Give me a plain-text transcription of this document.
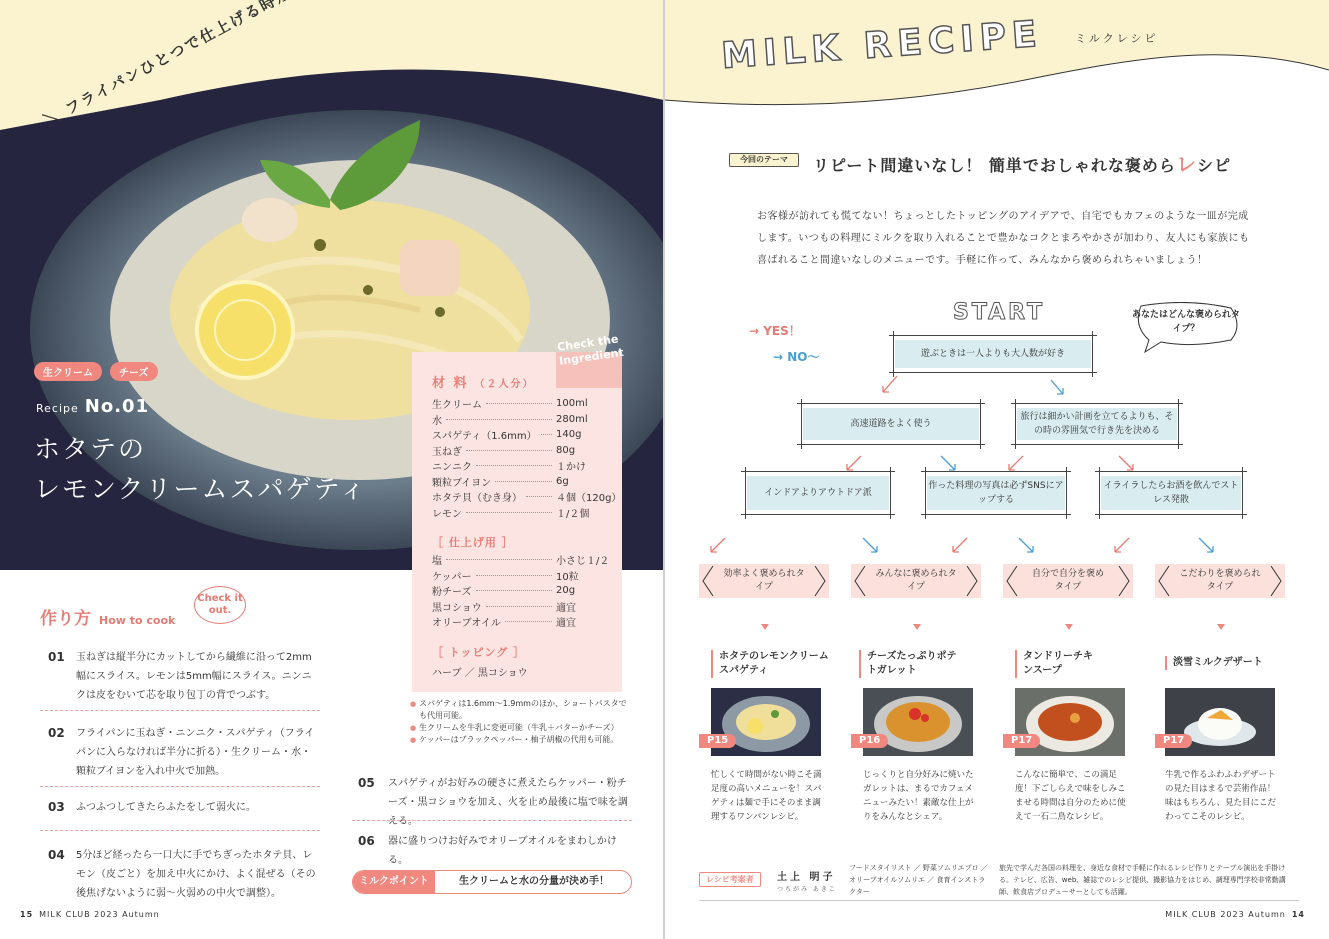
生クリーム	チーズ
Recipe No.01
ホタテの
レモンクリームスパゲティ
Check the Ingredient
材 料 （２人分）
生クリーム	100ml
水	280ml
スパゲティ（1.6mm） 140g
玉ねぎ	80g
ニンニク	１かけ
顆粒ブイヨン	6g
ホタテ貝（むき身）	４個（120g）
レモン	１/２個
［ 仕上げ用 ］
塩	小さじ１/２
ケッパー	10粒
粉チーズ	20g
黒コショウ	適宜
オリーブオイル	適宜
［ トッピング ］
ハーブ ／ 黒コショウ
● スパゲティは1.6mm～1.9mmのほか、ショートパスタでも代用可能。
● 生クリームを牛乳に変更可能（牛乳＋バターかチーズ）
● ケッパーはブラックペッパー・柚子胡椒の代用も可能。
作り方 How to cook
Check it out.
01 玉ねぎは縦半分にカットしてから繊維に沿って2mm幅にスライス。レモンは5mm幅にスライス。ニンニクは皮をむいて芯を取り包丁の背でつぶす。
02 フライパンに玉ねぎ・ニンニク・スパゲティ（フライパンに入らなければ半分に折る）・生クリーム・水・顆粒ブイヨンを入れ中火で加熱。
03 ふつふつしてきたらふたをして弱火に。
04 5分ほど経ったら一口大に手でちぎったホタテ貝、レモン（皮ごと）を加え中火にかけ、よく混ぜる（その後焦げないように弱～火弱めの中火で調整）。
05 スパゲティがお好みの硬さに煮えたらケッパー・粉チーズ・黒コショウを加え、火を止め最後に塩で味を調える。
06 器に盛りつけお好みでオリーブオイルをまわしかける。
ミルクポイント	生クリームと水の分量が決め手！
15 MILK CLUB 2023 Autumn
MILK RECIPE	ミルクレシピ
今回のテーマ	リピート間違いなし！ 簡単でおしゃれな褒めらレシピ
お客様が訪れても慌てない！ちょっとしたトッピングのアイデアで、自宅でもカフェのような一皿が完成します。いつもの料理にミルクを取り入れることで豊かなコクとまろやかさが加わり、友人にも家族にも喜ばれること間違いなしのメニューです。手軽に作って、みんなから褒められちゃいましょう！
START	あなたはどんな褒められタイプ？
→ YES！
→ NO～	遊ぶときは一人よりも大人数が好き
高速道路をよく使う
旅行は細かい計画を立てるよりも、その時の雰囲気で行き先を決める
インドアよりアウトドア派
作った料理の写真は必ずSNSにアップする
イライラしたらお酒を飲んでストレス発散
効率よく褒められタイプ
みんなに褒められタイプ
自分で自分を褒めタイプ
こだわりを褒められタイプ
ホタテのレモンクリームスパゲティ
チーズたっぷりポテトガレット
タンドリーチキンスープ
淡雪ミルクデザート
P15	P16	P17	P17
忙しくて時間がない時こそ満足度の高いメニューを！スパゲティは麺で手にそのまま調理するワンパンレシピ。
じっくりと自分好みに焼いたガレットは、まるでカフェメニューみたい！素敵な仕上がりをみんなとシェア。
こんなに簡単で、この満足度！下ごしらえで味をしみこませる時間は自分のために使えて一石二鳥なレシピ。
牛乳で作るふわふわデザートの見た目はまるで芸術作品！味はもちろん、見た目にこだわってこそのレシピ。
レシピ考案者	土上 明子
つちがみ あきこ
フードスタイリスト ／ 野菜ソムリエプロ ／ オリーブオイルソムリエ ／ 食育インストラクター
旅先で学んだ各国の料理を、身近な食材で手軽に作れるレシピ作りとテーブル演出を手掛ける。テレビ、広告、web、雑誌でのレシピ提供、撮影協力をはじめ、調理専門学校非常勤講師、飲食店プロデューサーとしても活躍。
MILK CLUB 2023 Autumn 14
